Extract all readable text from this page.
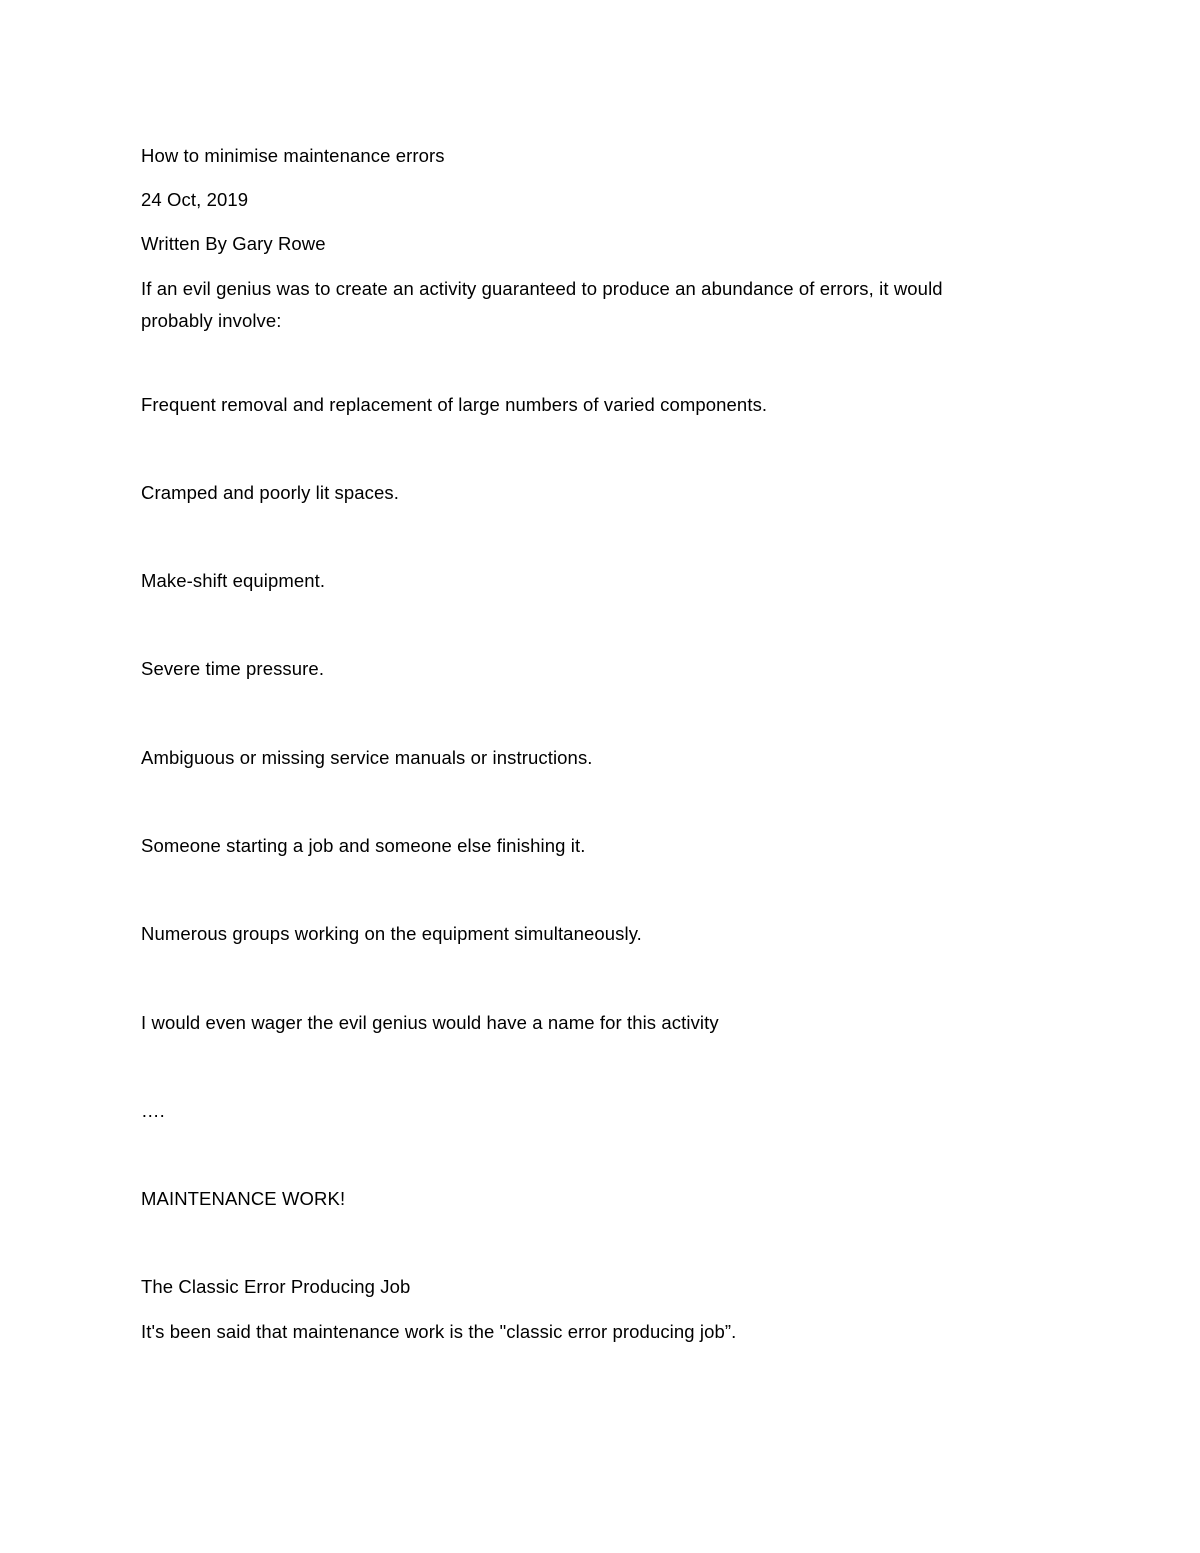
How to minimise maintenance errors
24 Oct, 2019
Written By Gary Rowe
If an evil genius was to create an activity guaranteed to produce an abundance of errors, it would probably involve:
Frequent removal and replacement of large numbers of varied components.
Cramped and poorly lit spaces.
Make-shift equipment.
Severe time pressure.
Ambiguous or missing service manuals or instructions.
Someone starting a job and someone else finishing it.
Numerous groups working on the equipment simultaneously.
I would even wager the evil genius would have a name for this activity
….
MAINTENANCE WORK!
The Classic Error Producing Job
It's been said that maintenance work is the "classic error producing job”.
